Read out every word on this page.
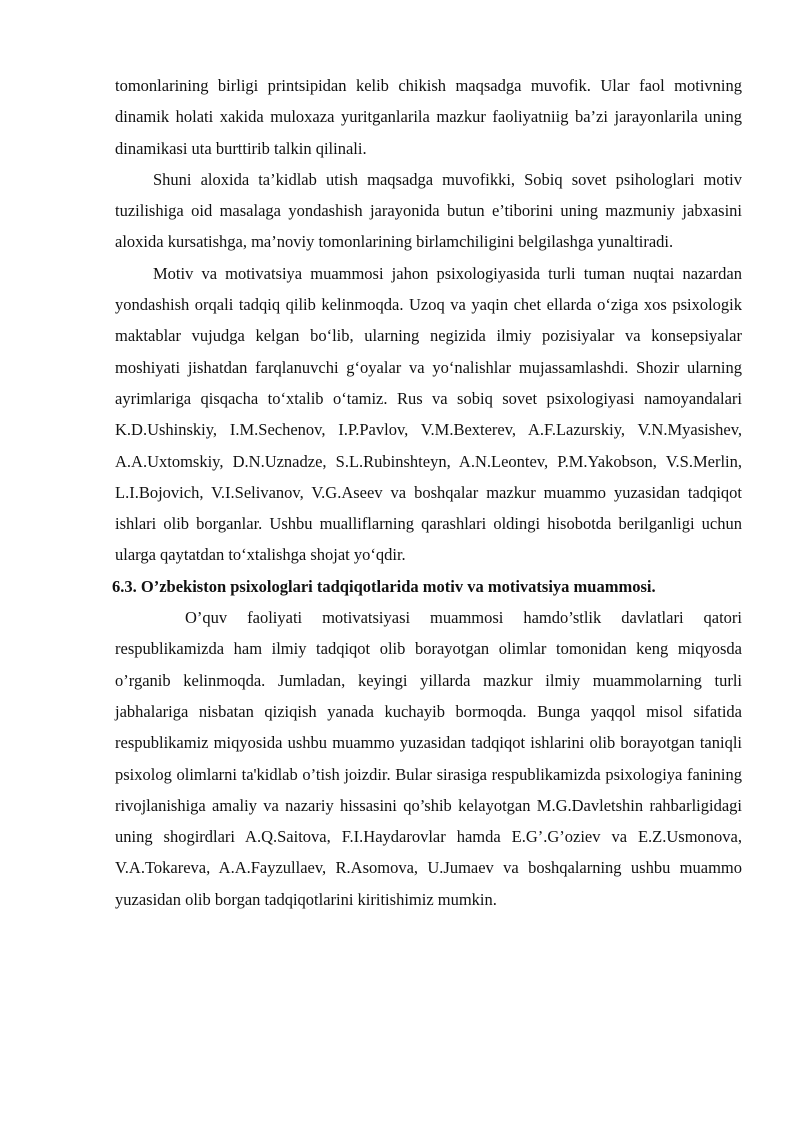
tomonlarining birligi printsipidan kelib chikish maqsadga muvofik. Ular faol motivning dinamik holati xakida muloxaza yuritganlarila mazkur faoliyatniig ba’zi jarayonlarila uning dinamikasi uta burttirib talkin qilinali.

Shuni aloxida ta’kidlab utish maqsadga muvofikki, Sobiq sovet psihologlari motiv tuzilishiga oid masalaga yondashish jarayonida butun e’tiborini uning mazmuniy jabxasini aloxida kursatishga, ma’noviy tomonlarining birlamchiligini belgilashga yunaltiradi.

Motiv va motivatsiya muammosi jahon psixologiyasida turli tuman nuqtai nazardan yondashish orqali tadqiq qilib kelinmoqda. Uzoq va yaqin chet ellarda o‘ziga xos psixologik maktablar vujudga kelgan bo‘lib, ularning negizida ilmiy pozisiyalar va konsepsiyalar moshiyati jishatdan farqlanuvchi g‘oyalar va yo‘nalishlar mujassamlashdi. Shozir ularning ayrimlariga qisqacha to‘xtalib o‘tamiz. Rus va sobiq sovet psixologiyasi namoyandalari K.D.Ushinskiy, I.M.Sechenov, I.P.Pavlov, V.M.Bexterev, A.F.Lazurskiy, V.N.Myasishev, A.A.Uxtomskiy, D.N.Uznadze, S.L.Rubinshteyn, A.N.Leontev, P.M.Yakobson, V.S.Merlin, L.I.Bojovich, V.I.Selivanov, V.G.Aseev va boshqalar mazkur muammo yuzasidan tadqiqot ishlari olib borganlar. Ushbu mualliflarning qarashlari oldingi hisobotda berilganligi uchun ularga qaytatdan to‘xtalishga shojat yo‘qdir.

6.3. O’zbekiston psixologlari tadqiqotlarida motiv va motivatsiya muammosi.

O’quv faoliyati motivatsiyasi muammosi hamdo’stlik davlatlari qatori respublikamizda ham ilmiy tadqiqot olib borayotgan olimlar tomonidan keng miqyosda o’rganib kelinmoqda. Jumladan, keyingi yillarda mazkur ilmiy muammolarning turli jabhalariga nisbatan qiziqish yanada kuchayib bormoqda. Bunga yaqqol misol sifatida respublikamiz miqyosida ushbu muammo yuzasidan tadqiqot ishlarini olib borayotgan taniqli psixolog olimlarni ta'kidlab o’tish joizdir. Bular sirasiga respublikamizda psixologiya fanining rivojlanishiga amaliy va nazariy hissasini qo’shib kelayotgan M.G.Davletshin rahbarligidagi uning shogirdlari A.Q.Saitova, F.I.Haydarovlar hamda E.G’.G’oziev va E.Z.Usmonova, V.A.Tokareva, A.A.Fayzullaev, R.Asomova, U.Jumaev va boshqalarning ushbu muammo yuzasidan olib borgan tadqiqotlarini kiritishimiz mumkin.
